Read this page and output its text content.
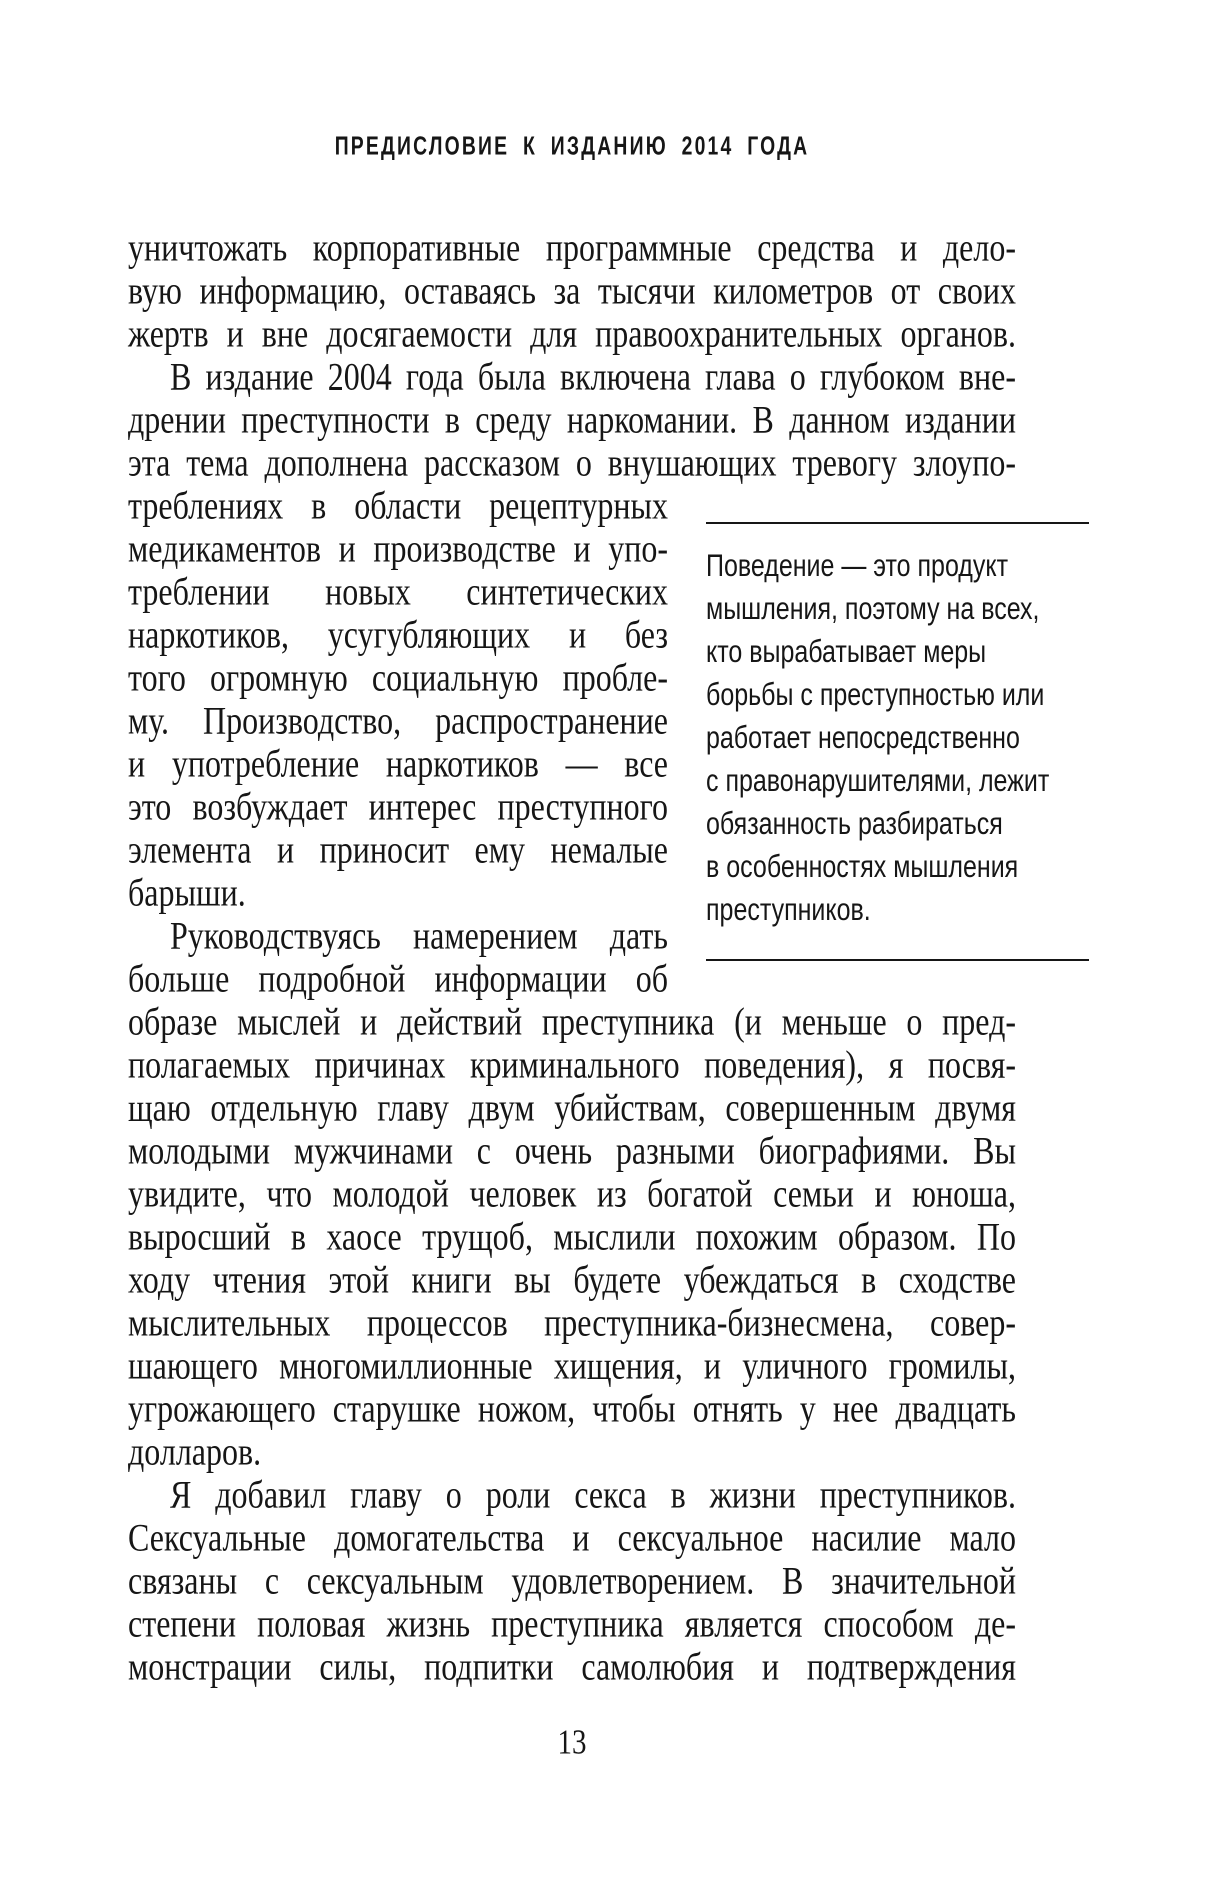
ПРЕДИСЛОВИЕ К ИЗДАНИЮ 2014 ГОДА
уничтожать корпоративные программные средства и дело-
вую информацию, оставаясь за тысячи километров от своих
жертв и вне досягаемости для правоохранительных органов.
В издание 2004 года была включена глава о глубоком вне-
дрении преступности в среду наркомании. В данном издании
эта тема дополнена рассказом о внушающих тревогу злоупо-
треблениях в области рецептурных
медикаментов и производстве и упо-
треблении новых синтетических
наркотиков, усугубляющих и без
того огромную социальную пробле-
му. Производство, распространение
и употребление наркотиков — все
это возбуждает интерес преступного
элемента и приносит ему немалые
барыши.
Руководствуясь намерением дать
больше подробной информации об
Поведение — это продукт
мышления, поэтому на всех,
кто вырабатывает меры
борьбы с преступностью или
работает непосредственно
с правонарушителями, лежит
обязанность разбираться
в особенностях мышления
преступников.
образе мыслей и действий преступника (и меньше о пред-
полагаемых причинах криминального поведения), я посвя-
щаю отдельную главу двум убийствам, совершенным двумя
молодыми мужчинами с очень разными биографиями. Вы
увидите, что молодой человек из богатой семьи и юноша,
выросший в хаосе трущоб, мыслили похожим образом. По
ходу чтения этой книги вы будете убеждаться в сходстве
мыслительных процессов преступника-бизнесмена, совер-
шающего многомиллионные хищения, и уличного громилы,
угрожающего старушке ножом, чтобы отнять у нее двадцать
долларов.
Я добавил главу о роли секса в жизни преступников.
Сексуальные домогательства и сексуальное насилие мало
связаны с сексуальным удовлетворением. В значительной
степени половая жизнь преступника является способом де-
монстрации силы, подпитки самолюбия и подтверждения
13
